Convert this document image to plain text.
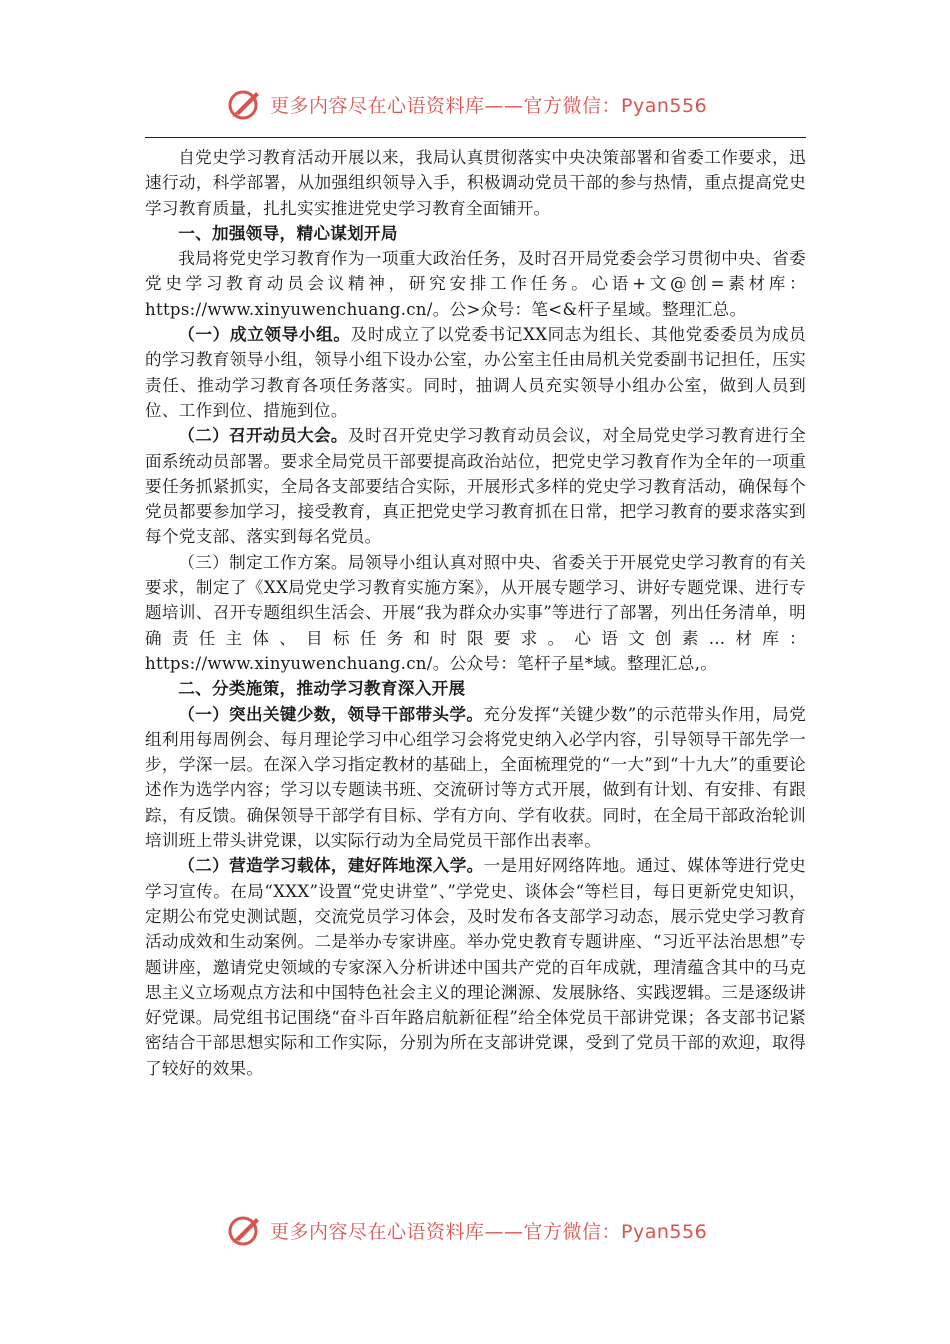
更多内容尽在心语资料库——官方微信：Pyan556

自党史学习教育活动开展以来，我局认真贯彻落实中央决策部署和省委工作要求，迅速行动，科学部署，从加强组织领导入手，积极调动党员干部的参与热情，重点提高党史学习教育质量，扎扎实实推进党史学习教育全面铺开。

一、加强领导，精心谋划开局

我局将党史学习教育作为一项重大政治任务，及时召开局党委会学习贯彻中央、省委党史学习教育动员会议精神，研究安排工作任务。心语+文@创=素材库：https://www.xinyuwenchuang.cn/。公>众号：笔<&杆子星域。整理汇总。

（一）成立领导小组。及时成立了以党委书记XX同志为组长、其他党委委员为成员的学习教育领导小组，领导小组下设办公室，办公室主任由局机关党委副书记担任，压实责任、推动学习教育各项任务落实。同时，抽调人员充实领导小组办公室，做到人员到位、工作到位、措施到位。

（二）召开动员大会。及时召开党史学习教育动员会议，对全局党史学习教育进行全面系统动员部署。要求全局党员干部要提高政治站位，把党史学习教育作为全年的一项重要任务抓紧抓实，全局各支部要结合实际，开展形式多样的党史学习教育活动，确保每个党员都要参加学习，接受教育，真正把党史学习教育抓在日常，把学习教育的要求落实到每个党支部、落实到每名党员。

（三）制定工作方案。局领导小组认真对照中央、省委关于开展党史学习教育的有关要求，制定了《XX局党史学习教育实施方案》，从开展专题学习、讲好专题党课、进行专题培训、召开专题组织生活会、开展“我为群众办实事”等进行了部署，列出任务清单，明确责任主体、目标任务和时限要求。心语文创素…材库：https://www.xinyuwenchuang.cn/。公众号：笔杆子星*域。整理汇总,。

二、分类施策，推动学习教育深入开展

（一）突出关键少数，领导干部带头学。充分发挥“关键少数”的示范带头作用，局党组利用每周例会、每月理论学习中心组学习会将党史纳入必学内容，引导领导干部先学一步，学深一层。在深入学习指定教材的基础上，全面梳理党的“一大”到“十九大”的重要论述作为选学内容；学习以专题读书班、交流研讨等方式开展，做到有计划、有安排、有跟踪，有反馈。确保领导干部学有目标、学有方向、学有收获。同时，在全局干部政治轮训培训班上带头讲党课，以实际行动为全局党员干部作出表率。

（二）营造学习载体，建好阵地深入学。一是用好网络阵地。通过、媒体等进行党史学习宣传。在局“XXX”设置“党史讲堂”、”学党史、谈体会“等栏目，每日更新党史知识，定期公布党史测试题，交流党员学习体会，及时发布各支部学习动态，展示党史学习教育活动成效和生动案例。二是举办专家讲座。举办党史教育专题讲座、“习近平法治思想”专题讲座，邀请党史领域的专家深入分析讲述中国共产党的百年成就，理清蕴含其中的马克思主义立场观点方法和中国特色社会主义的理论渊源、发展脉络、实践逻辑。三是逐级讲好党课。局党组书记围绕“奋斗百年路启航新征程”给全体党员干部讲党课；各支部书记紧密结合干部思想实际和工作实际，分别为所在支部讲党课，受到了党员干部的欢迎，取得了较好的效果。

更多内容尽在心语资料库——官方微信：Pyan556
